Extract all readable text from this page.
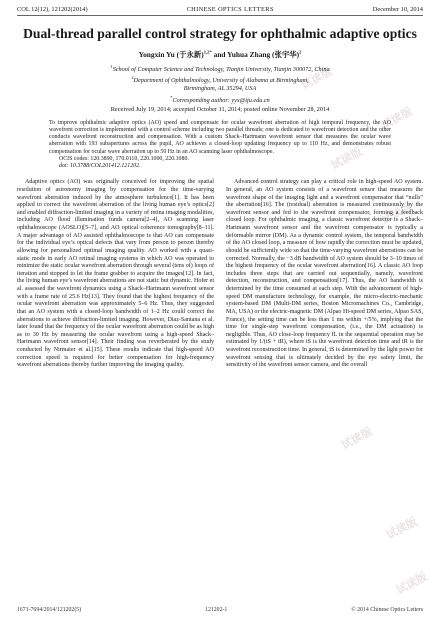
试读版
试读版
试读版
试读版
试读版
试读版
试读版
COL 12(12), 121202(2014)	CHINESE OPTICS LETTERS	December 10, 2014
Dual-thread parallel control strategy for ophthalmic adaptive optics
Yongxin Yu (于永新)$^{1,2*}$ and Yuhua Zhang (张宇华)$^2$
$^1$School of Computer Science and Technology, Tianjin University, Tianjin 300072, China
$^2$Department of Ophthalmology, University of Alabama at Birmingham,
Birmingham, AL 35294, USA
*Corresponding author: yyx@tju.edu.cn
Received July 19, 2014; accepted October 11, 2014; posted online November 28, 2014
To improve ophthalmic adaptive optics (AO) speed and compensate for ocular wavefront aberration of high temporal frequency, the AO wavefront correction is implemented with a control scheme including two parallel threads; one is dedicated to wavefront detection and the other conducts wavefront reconstruction and compensation. With a custom Shack–Hartmann wavefront sensor that measures the ocular wave aberration with 193 subapertures across the pupil, AO achieves a closed-loop updating frequency up to 110 Hz, and demonstrates robust compensation for ocular wave aberration up to 50 Hz in an AO scanning laser ophthalmoscope.
OCIS codes: 120.3890, 170.0110, 220.1000, 220.1080.
doi: 10.3788/COL201412.121202.

Adaptive optics (AO) was originally conceived for improving the spatial resolution of astronomy imaging by compensation for the time-varying wavefront aberration induced by the atmosphere turbulence[1]. It has been applied to correct the wavefront aberration of the living human eye’s optics[2] and enabled diffraction-limited imaging in a variety of retina imaging modalities, including AO flood illumination funds camera[2–4], AO scanning laser ophthalmoscope (AOSLO)[5–7], and AO optical coherence tomography[8–11]. A major advantage of AO assisted ophthalmoscope is that AO can compensate for the individual eye’s optical defects that vary from person to person thereby allowing for personalized optimal imaging quality. AO worked with a quasi-static mode in early AO retinal imaging systems in which AO was operated to minimize the static ocular wavefront aberration through several (tens of) loops of iteration and stopped to let the frame grabber to acquire the images[12]. In fact, the living human eye’s wavefront aberrations are not static but dynamic. Hofer et al. assessed the wavefront dynamics using a Shack–Hartmann wavefront sensor with a frame rate of 25.6 Hz[13]. They found that the highest frequency of the ocular wavefront aberration was approximately 5–6 Hz. Thus, they suggested that an AO system with a closed-loop bandwidth of 1–2 Hz could correct the aberrations to achieve diffraction-limited imaging. However, Diaz-Santana et al. later found that the frequency of the ocular wavefront aberration could be as high as to 30 Hz by measuring the ocular wavefront using a high-speed Shack–Hartmann wavefront sensor[14]. Their finding was reverberated by the study conducted by Nirmaier et al.[15]. These results indicate that high-speed AO correction speed is required for better compensation for high-frequency wavefront aberrations thereby further improving the imaging quality.

Advanced control strategy can play a critical role in high-speed AO system. In general, an AO system consists of a wavefront sensor that measures the wavefront shape of the imaging light and a wavefront compensator that “nulls” the aberration[16]. The (residual) aberration is measured continuously by the wavefront sensor and fed to the wavefront compensator, forming a feedback closed loop. For ophthalmic imaging, a classic wavefront detector is a Shack–Hartmann wavefront sensor and the wavefront compensator is typically a deformable mirror (DM). As a dynamic control system, the temporal bandwidth of the AO closed loop, a measure of how rapidly the correction must be updated, should be sufficiently wide so that the time-varying wavefront aberrations can be corrected. Normally, the −3 dB bandwidth of AO system should be 3–10 times of the highest frequency of the ocular wavefront aberration[16]. A classic AO loop includes three steps that are carried out sequentially, namely, wavefront detection, reconstruction, and compensation[17]. Thus, the AO bandwidth is determined by the time consumed at each step. With the advancement of high-speed DM manufacture technology, for example, the micro-electric-mechanic system-based DM (Multi-DM series, Boston Micromachines Co., Cambridge, MA, USA) or the electric-magnetic DM (Alpao Hi-speed DM series, Alpao SAS, France), the setting time can be less than 1 ms within +/5%, implying that the time for single-step wavefront compensation, (i.e., the DM actuation) is negligible. Thus, AO close-loop frequency fL in the sequential operation may be estimated by 1/(tS + tR), where tS is the wavefront detection time and tR is the wavefront reconstruction time. In general, tS is determined by the light power for wavefront sensing that is ultimately decided by the eye safety limit, the sensitivity of the wavefront sensor camera, and the overall

1671-7694/2014/121202(5)	121202-1	© 2014 Chinese Optics Letters
